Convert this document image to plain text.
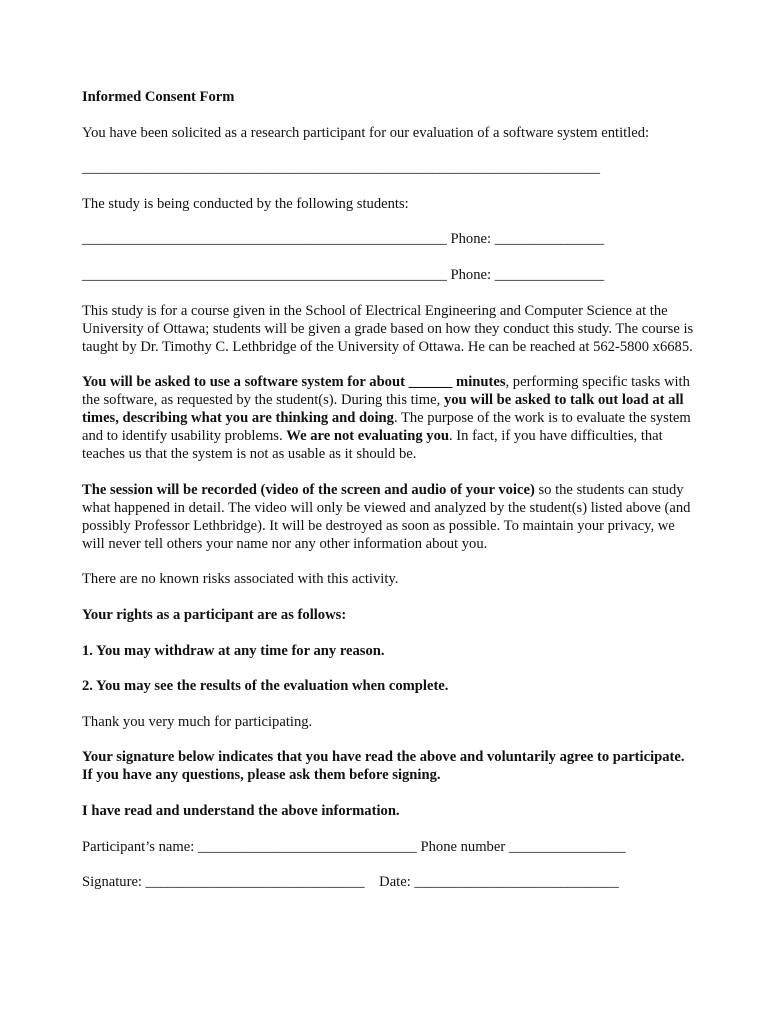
Informed Consent Form

You have been solicited as a research participant for our evaluation of a software system entitled:

_______________________________________________________________________

The study is being conducted by the following students:

__________________________________________________ Phone: _______________

__________________________________________________ Phone: _______________

This study is for a course given in the School of Electrical Engineering and Computer Science at the University of Ottawa; students will be given a grade based on how they conduct this study. The course is taught by Dr. Timothy C. Lethbridge of the University of Ottawa. He can be reached at 562-5800 x6685.

You will be asked to use a software system for about ______ minutes, performing specific tasks with the software, as requested by the student(s). During this time, you will be asked to talk out load at all times, describing what you are thinking and doing. The purpose of the work is to evaluate the system and to identify usability problems. We are not evaluating you. In fact, if you have difficulties, that teaches us that the system is not as usable as it should be.

The session will be recorded (video of the screen and audio of your voice) so the students can study what happened in detail. The video will only be viewed and analyzed by the student(s) listed above (and possibly Professor Lethbridge). It will be destroyed as soon as possible. To maintain your privacy, we will never tell others your name nor any other information about you.

There are no known risks associated with this activity.

Your rights as a participant are as follows:

1. You may withdraw at any time for any reason.

2. You may see the results of the evaluation when complete.

Thank you very much for participating.

Your signature below indicates that you have read the above and voluntarily agree to participate. If you have any questions, please ask them before signing.

I have read and understand the above information.

Participant’s name: ______________________________ Phone number ________________

Signature: ______________________________ Date: ____________________________
